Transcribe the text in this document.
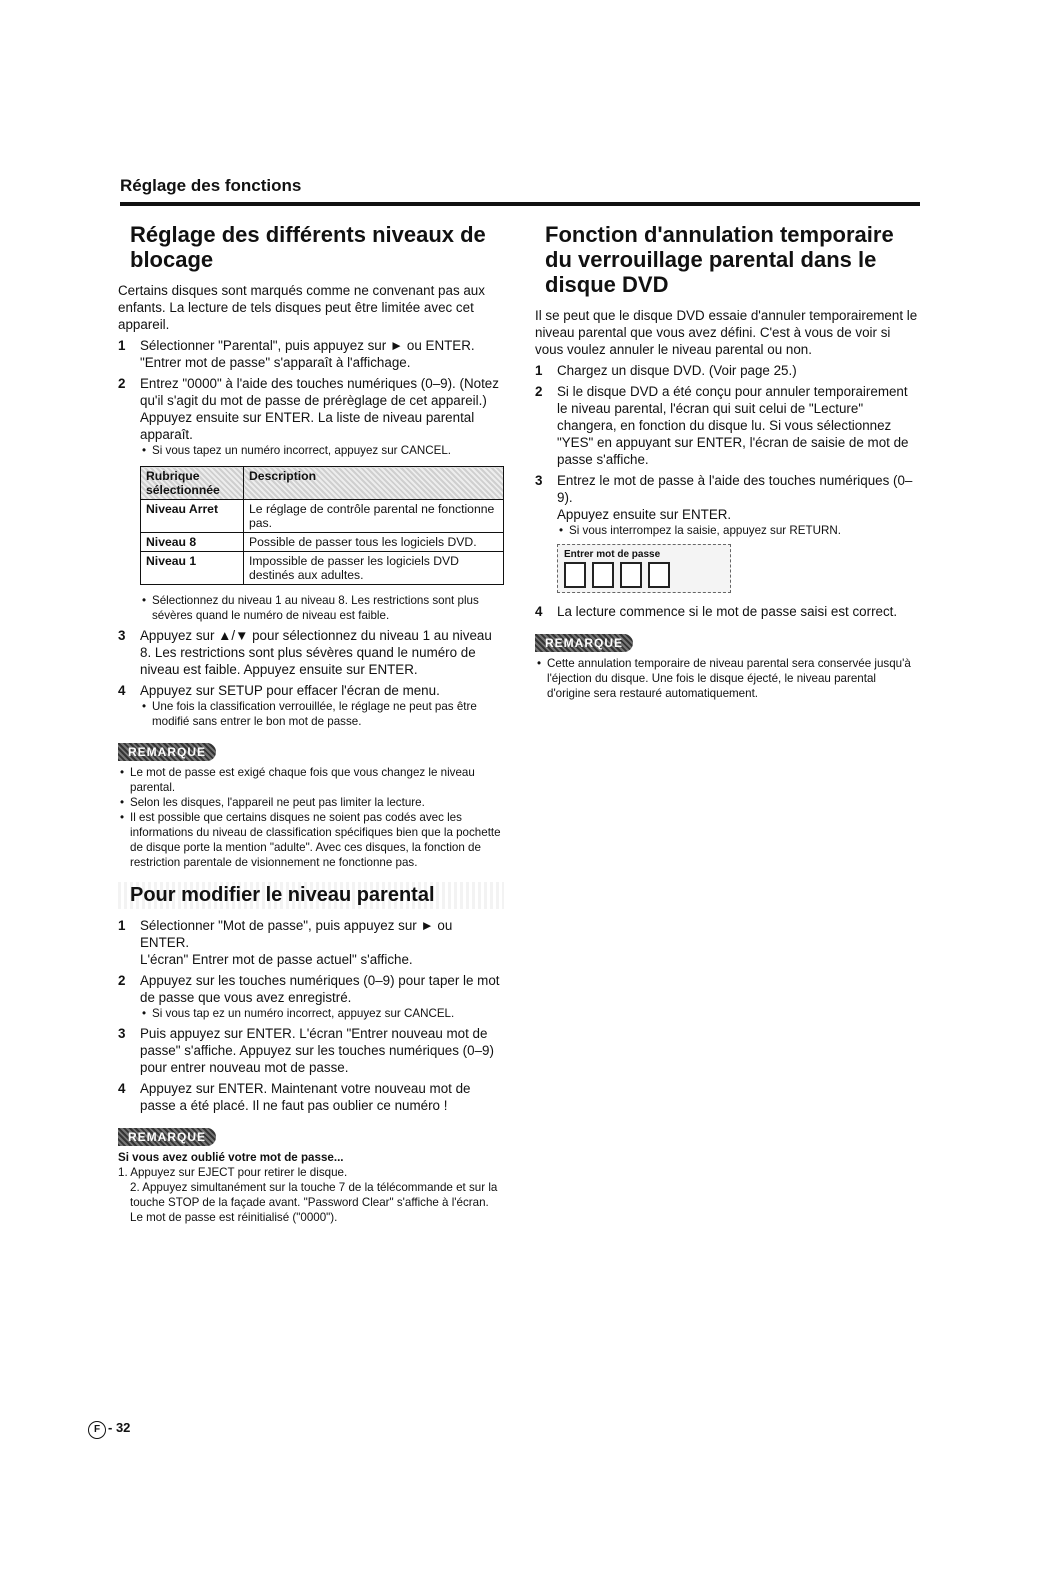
Réglage des fonctions
Réglage des différents niveaux de blocage

Certains disques sont marqués comme ne convenant pas aux enfants. La lecture de tels disques peut être limitée avec cet appareil.

1 Sélectionner "Parental", puis appuyez sur ► ou ENTER.
"Entrer mot de passe" s'apparaît à l'affichage.
2 Entrez "0000" à l'aide des touches numériques (0–9). (Notez qu'il s'agit du mot de passe de prérèglage de cet appareil.) Appuyez ensuite sur ENTER. La liste de niveau parental apparaît.
• Si vous tapez un numéro incorrect, appuyez sur CANCEL.
Rubrique sélectionnée	Description
Niveau Arret	Le réglage de contrôle parental ne fonctionne pas.
Niveau 8	Possible de passer tous les logiciels DVD.
Niveau 1	Impossible de passer les logiciels DVD destinés aux adultes.

• Sélectionnez du niveau 1 au niveau 8. Les restrictions sont plus sévères quand le numéro de niveau est faible.

3 Appuyez sur ▲/▼ pour sélectionnez du niveau 1 au niveau 8. Les restrictions sont plus sévères quand le numéro de niveau est faible. Appuyez ensuite sur ENTER.
4 Appuyez sur SETUP pour effacer l'écran de menu.
• Une fois la classification verrouillée, le réglage ne peut pas être modifié sans entrer le bon mot de passe.
REMARQUE

• Le mot de passe est exigé chaque fois que vous changez le niveau parental.

• Selon les disques, l'appareil ne peut pas limiter la lecture.

• Il est possible que certains disques ne soient pas codés avec les informations du niveau de classification spécifiques bien que la pochette de disque porte la mention "adulte". Avec ces disques, la fonction de restriction parentale de visionnement ne fonctionne pas.

Pour modifier le niveau parental
1 Sélectionner "Mot de passe", puis appuyez sur ► ou ENTER.
L'écran" Entrer mot de passe actuel" s'affiche.
2 Appuyez sur les touches numériques (0–9) pour taper le mot de passe que vous avez enregistré.
• Si vous tap ez un numéro incorrect, appuyez sur CANCEL.
3 Puis appuyez sur ENTER. L'écran "Entrer nouveau mot de passe" s'affiche. Appuyez sur les touches numériques (0–9) pour entrer nouveau mot de passe.
4 Appuyez sur ENTER. Maintenant votre nouveau mot de passe a été placé. Il ne faut pas oublier ce numéro !
REMARQUE

Si vous avez oublié votre mot de passe...

1. Appuyez sur EJECT pour retirer le disque.

2. Appuyez simultanément sur la touche 7 de la télécommande et sur la touche STOP de la façade avant. "Password Clear" s'affiche à l'écran. Le mot de passe est réinitialisé ("0000").

Fonction d'annulation temporaire du verrouillage parental dans le disque DVD

Il se peut que le disque DVD essaie d'annuler temporairement le niveau parental que vous avez défini. C'est à vous de voir si vous voulez annuler le niveau parental ou non.

1 Chargez un disque DVD. (Voir page 25.)
2 Si le disque DVD a été conçu pour annuler temporairement le niveau parental, l'écran qui suit celui de "Lecture" changera, en fonction du disque lu. Si vous sélectionnez "YES" en appuyant sur ENTER, l'écran de saisie de mot de passe s'affiche.
3 Entrez le mot de passe à l'aide des touches numériques (0–9).
Appuyez ensuite sur ENTER.
• Si vous interrompez la saisie, appuyez sur RETURN.
Entrer mot de passe
4 La lecture commence si le mot de passe saisi est correct.
REMARQUE

• Cette annulation temporaire de niveau parental sera conservée jusqu'à l'éjection du disque. Une fois le disque éjecté, le niveau parental d'origine sera restauré automatiquement.

F - 32
